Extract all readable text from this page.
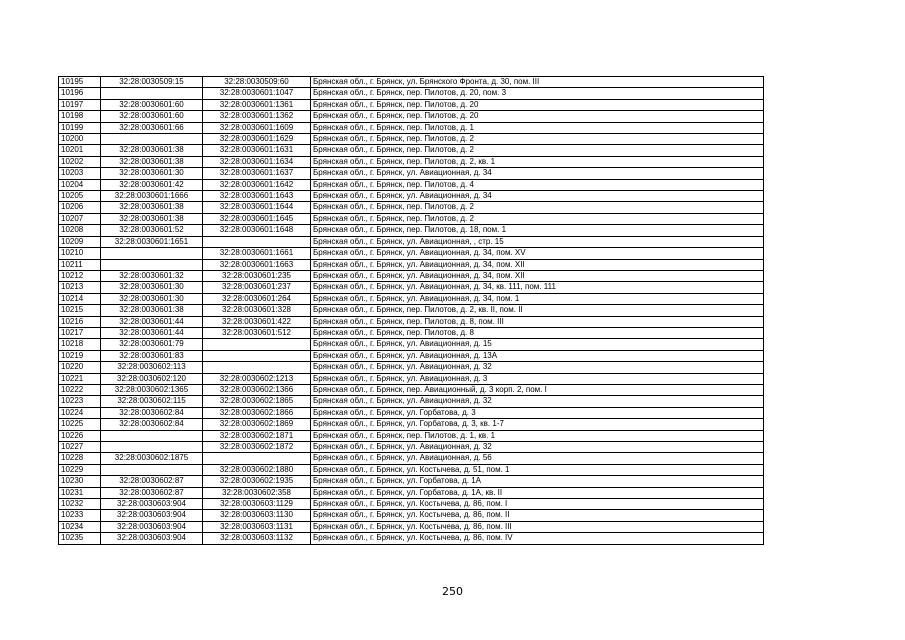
10195	32:28:0030509:15	32:28:0030509:60	Брянская обл., г. Брянск, ул. Брянского Фронта, д. 30, пом. III
10196		32:28:0030601:1047	Брянская обл., г. Брянск, пер. Пилотов, д. 20, пом. 3
10197	32:28:0030601:60	32:28:0030601:1361	Брянская обл., г. Брянск, пер. Пилотов, д. 20
10198	32:28:0030601:60	32:28:0030601:1362	Брянская обл., г. Брянск, пер. Пилотов, д. 20
10199	32:28:0030601:66	32:28:0030601:1609	Брянская обл., г. Брянск, пер. Пилотов, д. 1
10200		32:28:0030601:1629	Брянская обл., г. Брянск, пер. Пилотов, д. 2
10201	32:28:0030601:38	32:28:0030601:1631	Брянская обл., г. Брянск, пер. Пилотов, д. 2
10202	32:28:0030601:38	32:28:0030601:1634	Брянская обл., г. Брянск, пер. Пилотов, д. 2, кв. 1
10203	32:28:0030601:30	32:28:0030601:1637	Брянская обл., г. Брянск, ул. Авиационная, д. 34
10204	32:28:0030601:42	32:28:0030601:1642	Брянская обл., г. Брянск, пер. Пилотов, д. 4
10205	32:28:0030601:1666	32:28:0030601:1643	Брянская обл., г. Брянск, ул. Авиационная, д. 34
10206	32:28:0030601:38	32:28:0030601:1644	Брянская обл., г. Брянск, пер. Пилотов, д. 2
10207	32:28:0030601:38	32:28:0030601:1645	Брянская обл., г. Брянск, пер. Пилотов, д. 2
10208	32:28:0030601:52	32:28:0030601:1648	Брянская обл., г. Брянск, пер. Пилотов, д. 18, пом. 1
10209	32:28:0030601:1651		Брянская обл., г. Брянск, ул. Авиационная, , стр. 15
10210		32:28:0030601:1661	Брянская обл., г. Брянск, ул. Авиационная, д. 34, пом. XV
10211		32:28:0030601:1663	Брянская обл., г. Брянск, ул. Авиационная, д. 34, пом. XII
10212	32:28:0030601:32	32:28:0030601:235	Брянская обл., г. Брянск, ул. Авиационная, д. 34, пом. XII
10213	32:28:0030601:30	32:28:0030601:237	Брянская обл., г. Брянск, ул. Авиационная, д. 34, кв. 111, пом. 111
10214	32:28:0030601:30	32:28:0030601:264	Брянская обл., г. Брянск, ул. Авиационная, д. 34, пом. 1
10215	32:28:0030601:38	32:28:0030601:328	Брянская обл., г. Брянск, пер. Пилотов, д. 2, кв. II, пом. II
10216	32:28:0030601:44	32:28:0030601:422	Брянская обл., г. Брянск, пер. Пилотов, д. 8, пом. III
10217	32:28:0030601:44	32:28:0030601:512	Брянская обл., г. Брянск, пер. Пилотов, д. 8
10218	32:28:0030601:79		Брянская обл., г. Брянск, ул. Авиационная, д. 15
10219	32:28:0030601:83		Брянская обл., г. Брянск, ул. Авиационная, д. 13А
10220	32:28:0030602:113		Брянская обл., г. Брянск, ул. Авиационная, д. 32
10221	32:28:0030602:120	32:28:0030602:1213	Брянская обл., г. Брянск, ул. Авиационная, д. 3
10222	32:28:0030602:1365	32:28:0030602:1366	Брянская обл., г. Брянск, пер. Авиационный, д. 3 корп. 2, пом. I
10223	32:28:0030602:115	32:28:0030602:1865	Брянская обл., г. Брянск, ул. Авиационная, д. 32
10224	32:28:0030602:84	32:28:0030602:1866	Брянская обл., г. Брянск, ул. Горбатова, д. 3
10225	32:28:0030602:84	32:28:0030602:1869	Брянская обл., г. Брянск, ул. Горбатова, д. 3, кв. 1-7
10226		32:28:0030602:1871	Брянская обл., г. Брянск, пер. Пилотов, д. 1, кв. 1
10227		32:28:0030602:1872	Брянская обл., г. Брянск, ул. Авиационная, д. 32
10228	32:28:0030602:1875		Брянская обл., г. Брянск, ул. Авиационная, д. 56
10229		32:28:0030602:1880	Брянская обл., г. Брянск, ул. Костычева, д. 51, пом. 1
10230	32:28:0030602:87	32:28:0030602:1935	Брянская обл., г. Брянск, ул. Горбатова, д. 1А
10231	32:28:0030602:87	32:28:0030602:358	Брянская обл., г. Брянск, ул. Горбатова, д. 1А, кв. II
10232	32:28:0030603:904	32:28:0030603:1129	Брянская обл., г. Брянск, ул. Костычева, д. 86, пом. I
10233	32:28:0030603:904	32:28:0030603:1130	Брянская обл., г. Брянск, ул. Костычева, д. 86, пом. II
10234	32:28:0030603:904	32:28:0030603:1131	Брянская обл., г. Брянск, ул. Костычева, д. 86, пом. III
10235	32:28:0030603:904	32:28:0030603:1132	Брянская обл., г. Брянск, ул. Костычева, д. 86, пом. IV
250
